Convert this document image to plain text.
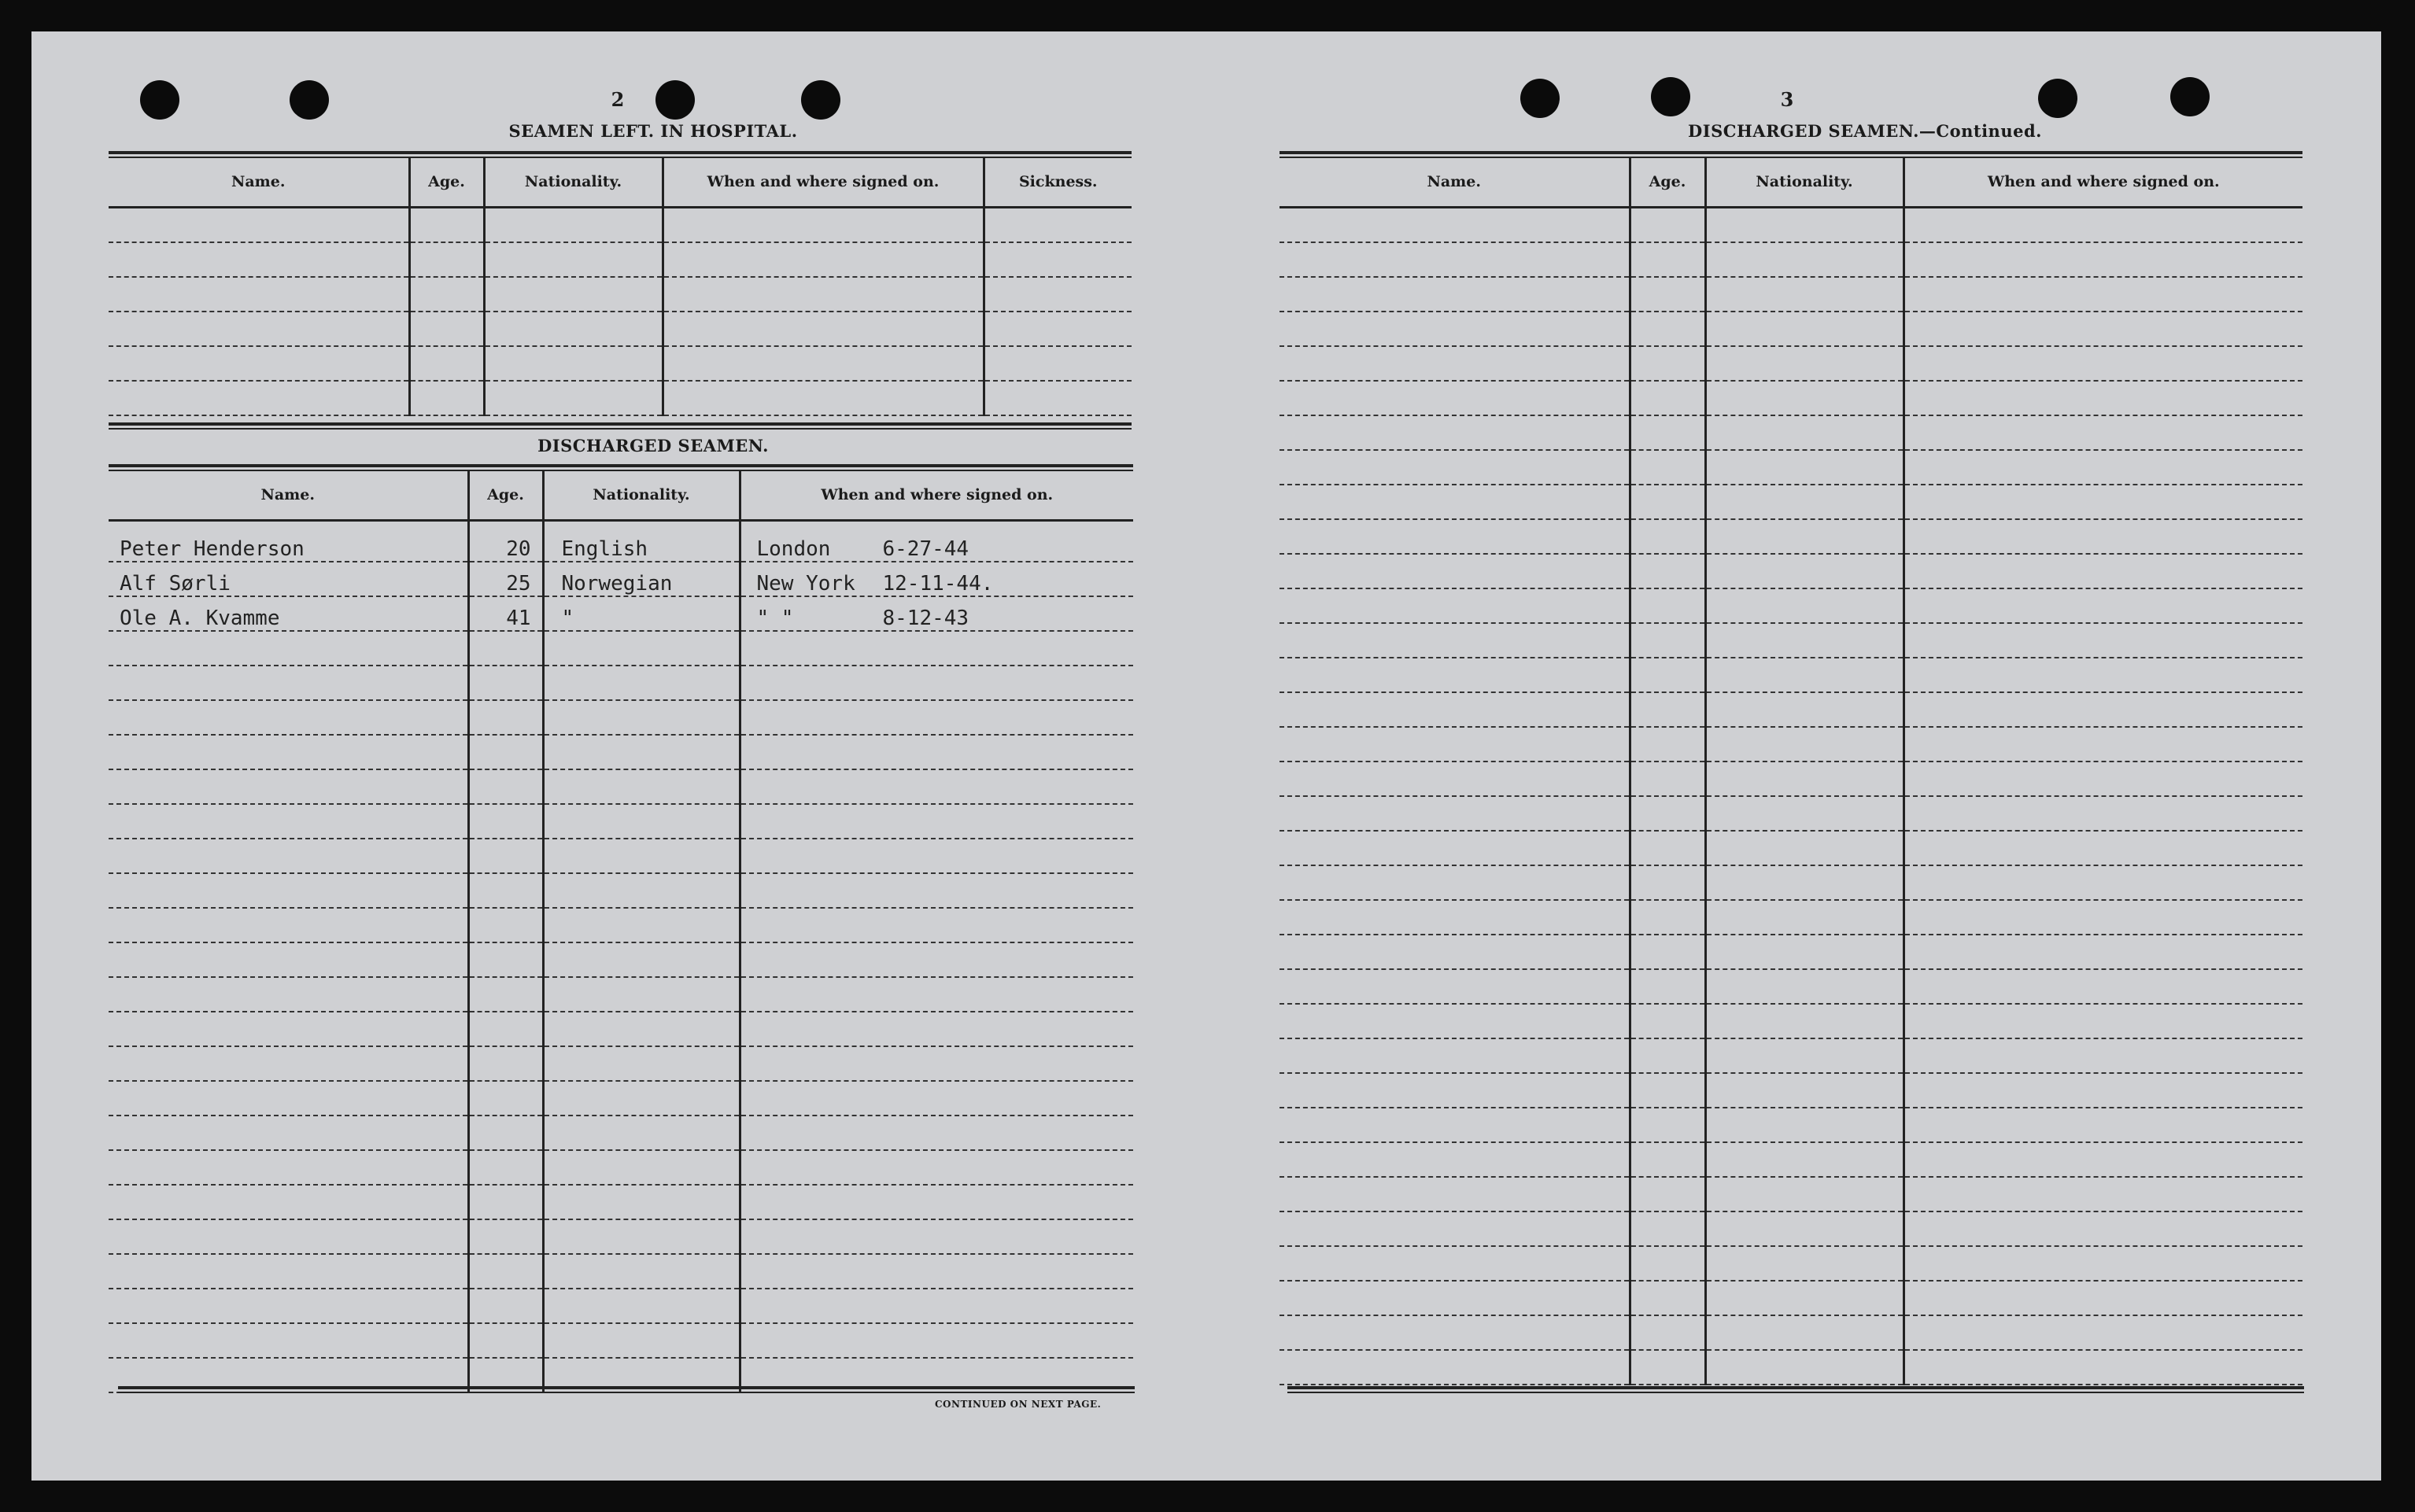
2
SEAMEN LEFT. IN HOSPITAL.
Name.	Age.	Nationality.	When and where signed on.	Sickness.

DISCHARGED SEAMEN.
Name.	Age.	Nationality.	When and where signed on.
Peter Henderson	20	English	London 6-27-44
Alf Sørli	25	Norwegian	New York 12-11-44.
Ole A. Kvamme	41	"	" " 8-12-43

CONTINUED ON NEXT PAGE.
3
DISCHARGED SEAMEN.—Continued.
Name.	Age.	Nationality.	When and where signed on.
